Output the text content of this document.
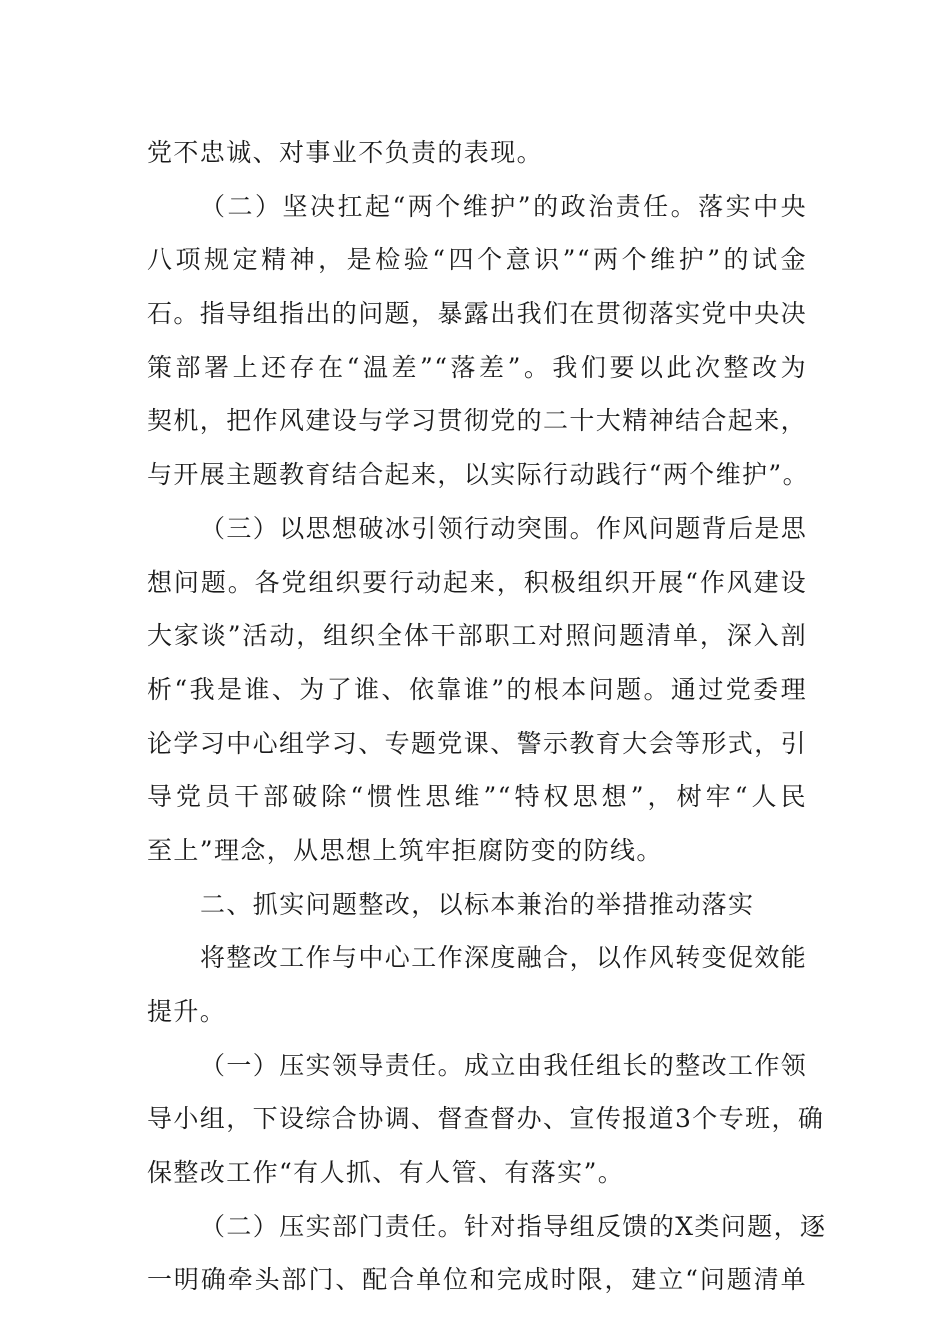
党不忠诚、对事业不负责的表现。
（二）坚决扛起“两个维护”的政治责任。落实中央
八项规定精神，是检验“四个意识”“两个维护”的试金
石。指导组指出的问题，暴露出我们在贯彻落实党中央决
策部署上还存在“温差”“落差”。我们要以此次整改为
契机，把作风建设与学习贯彻党的二十大精神结合起来，
与开展主题教育结合起来，以实际行动践行“两个维护”。
（三）以思想破冰引领行动突围。作风问题背后是思
想问题。各党组织要行动起来，积极组织开展“作风建设
大家谈”活动，组织全体干部职工对照问题清单，深入剖
析“我是谁、为了谁、依靠谁”的根本问题。通过党委理
论学习中心组学习、专题党课、警示教育大会等形式，引
导党员干部破除“惯性思维”“特权思想”，树牢“人民
至上”理念，从思想上筑牢拒腐防变的防线。
二、抓实问题整改，以标本兼治的举措推动落实
将整改工作与中心工作深度融合，以作风转变促效能
提升。
（一）压实领导责任。成立由我任组长的整改工作领
导小组，下设综合协调、督查督办、宣传报道3个专班，确
保整改工作“有人抓、有人管、有落实”。
（二）压实部门责任。针对指导组反馈的X类问题，逐
一明确牵头部门、配合单位和完成时限，建立“问题清单
